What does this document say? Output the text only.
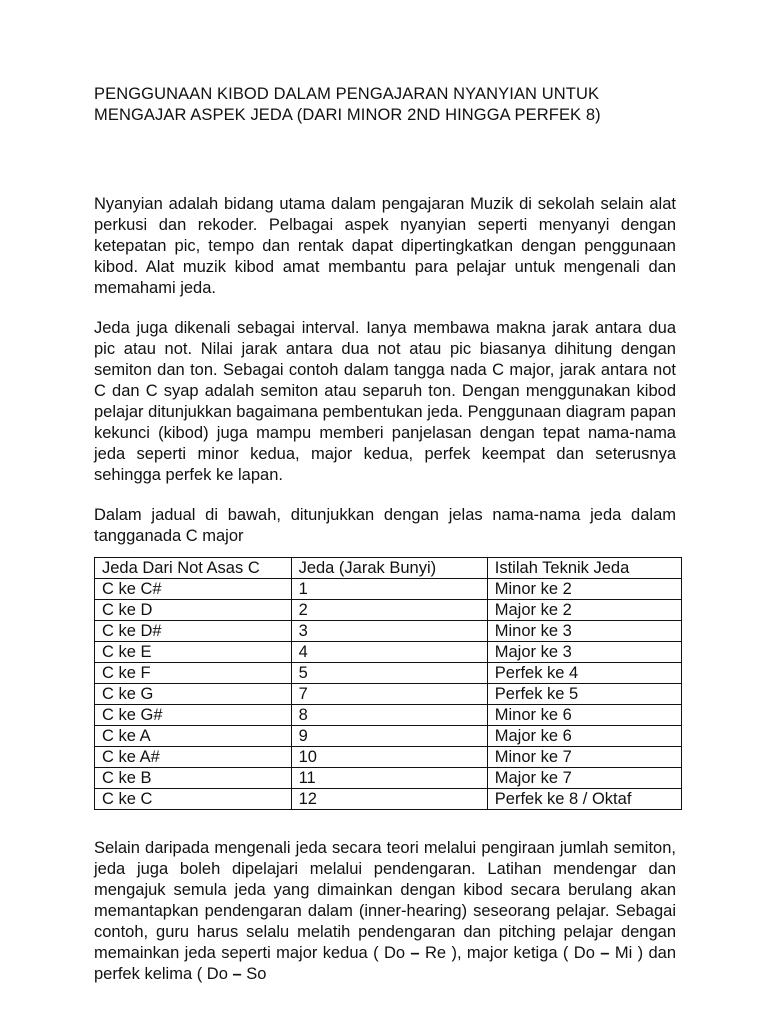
PENGGUNAAN KIBOD DALAM PENGAJARAN NYANYIAN UNTUK
MENGAJAR ASPEK JEDA (DARI MINOR 2ND HINGGA PERFEK 8)

Nyanyian adalah bidang utama dalam pengajaran Muzik di sekolah selain alat perkusi dan rekoder. Pelbagai aspek nyanyian seperti menyanyi dengan ketepatan pic, tempo dan rentak dapat dipertingkatkan dengan penggunaan kibod. Alat muzik kibod amat membantu para pelajar untuk mengenali dan memahami jeda.

Jeda juga dikenali sebagai interval. Ianya membawa makna jarak antara dua pic atau not. Nilai jarak antara dua not atau pic biasanya dihitung dengan semiton dan ton. Sebagai contoh dalam tangga nada C major, jarak antara not C dan C syap adalah semiton atau separuh ton. Dengan menggunakan kibod pelajar ditunjukkan bagaimana pembentukan jeda. Penggunaan diagram papan kekunci (kibod) juga mampu memberi panjelasan dengan tepat nama-nama jeda seperti minor kedua, major kedua, perfek keempat dan seterusnya sehingga perfek ke lapan.

Dalam jadual di bawah, ditunjukkan dengan jelas nama-nama jeda dalam tangganada C major

Jeda Dari Not Asas C	Jeda (Jarak Bunyi)	Istilah Teknik Jeda
C ke C#	1	Minor ke 2
C ke D	2	Major ke 2
C ke D#	3	Minor ke 3
C ke E	4	Major ke 3
C ke F	5	Perfek ke 4
C ke G	7	Perfek ke 5
C ke G#	8	Minor ke 6
C ke A	9	Major ke 6
C ke A#	10	Minor ke 7
C ke B	11	Major ke 7
C ke C	12	Perfek ke 8 / Oktaf

Selain daripada mengenali jeda secara teori melalui pengiraan jumlah semiton, jeda juga boleh dipelajari melalui pendengaran. Latihan mendengar dan mengajuk semula jeda yang dimainkan dengan kibod secara berulang akan memantapkan pendengaran dalam (inner-hearing) seseorang pelajar. Sebagai contoh, guru harus selalu melatih pendengaran dan pitching pelajar dengan memainkan jeda seperti major kedua ( Do – Re ), major ketiga ( Do – Mi ) dan perfek kelima ( Do – So
